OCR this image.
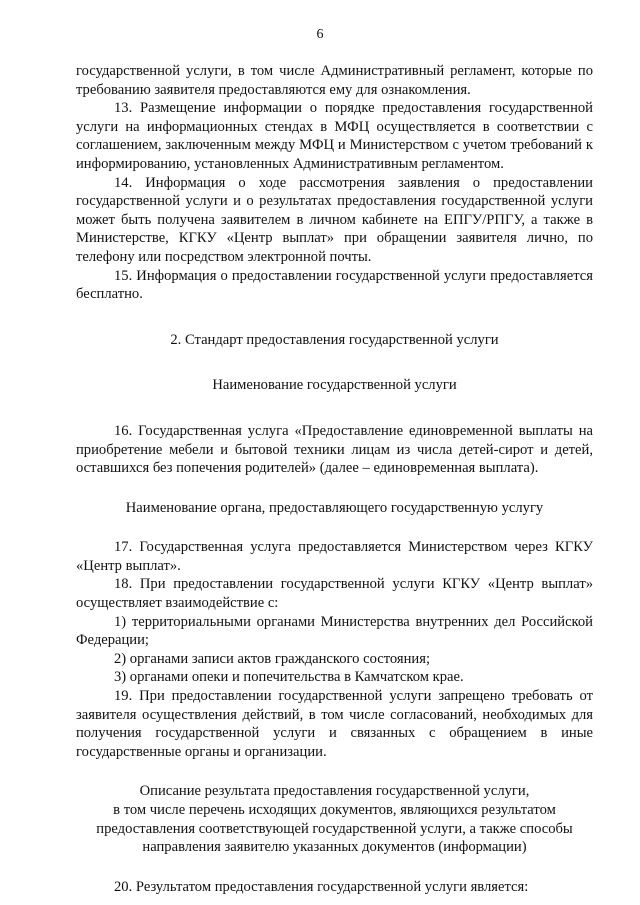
6

государственной услуги, в том числе Административный регламент, которые по требованию заявителя предоставляются ему для ознакомления.

13. Размещение информации о порядке предоставления государственной услуги на информационных стендах в МФЦ осуществляется в соответствии с соглашением, заключенным между МФЦ и Министерством с учетом требований к информированию, установленных Административным регламентом.

14. Информация о ходе рассмотрения заявления о предоставлении государственной услуги и о результатах предоставления государственной услуги может быть получена заявителем в личном кабинете на ЕПГУ/РПГУ, а также в Министерстве, КГКУ «Центр выплат» при обращении заявителя лично, по телефону или посредством электронной почты.

15. Информация о предоставлении государственной услуги предоставляется бесплатно.

2. Стандарт предоставления государственной услуги

Наименование государственной услуги

16. Государственная услуга «Предоставление единовременной выплаты на приобретение мебели и бытовой техники лицам из числа детей-сирот и детей, оставшихся без попечения родителей» (далее – единовременная выплата).

Наименование органа, предоставляющего государственную услугу

17. Государственная услуга предоставляется Министерством через КГКУ «Центр выплат».

18. При предоставлении государственной услуги КГКУ «Центр выплат» осуществляет взаимодействие с:

1) территориальными органами Министерства внутренних дел Российской Федерации;

2) органами записи актов гражданского состояния;

3) органами опеки и попечительства в Камчатском крае.

19. При предоставлении государственной услуги запрещено требовать от заявителя осуществления действий, в том числе согласований, необходимых для получения государственной услуги и связанных с обращением в иные государственные органы и организации.

Описание результата предоставления государственной услуги,

в том числе перечень исходящих документов, являющихся результатом

предоставления соответствующей государственной услуги, а также способы

направления заявителю указанных документов (информации)

20. Результатом предоставления государственной услуги является:
